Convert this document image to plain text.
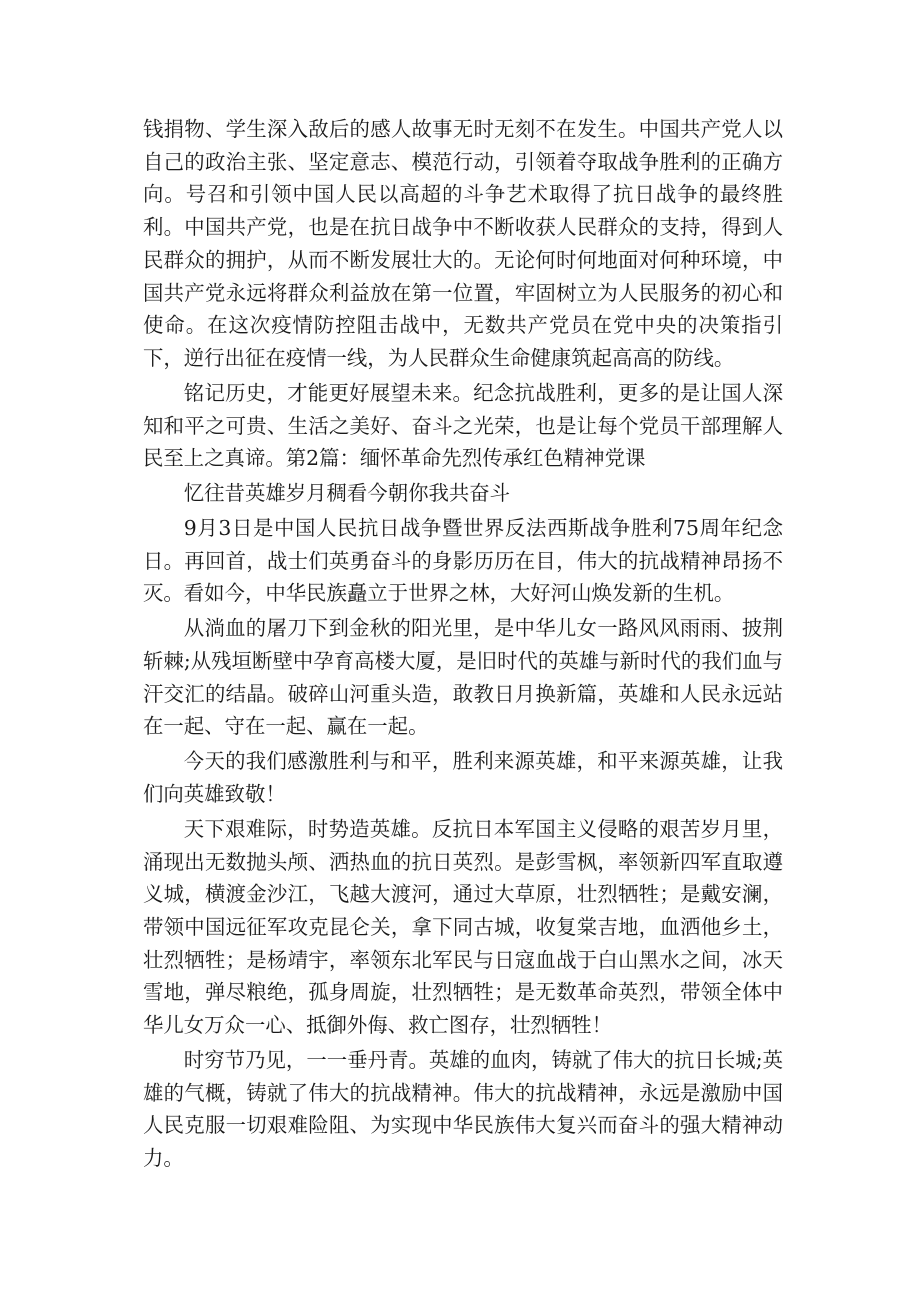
钱捐物、学生深入敌后的感人故事无时无刻不在发生。中国共产党人以自己的政治主张、坚定意志、模范行动，引领着夺取战争胜利的正确方向。号召和引领中国人民以高超的斗争艺术取得了抗日战争的最终胜利。中国共产党，也是在抗日战争中不断收获人民群众的支持，得到人民群众的拥护，从而不断发展壮大的。无论何时何地面对何种环境，中国共产党永远将群众利益放在第一位置，牢固树立为人民服务的初心和使命。在这次疫情防控阻击战中，无数共产党员在党中央的决策指引下，逆行出征在疫情一线，为人民群众生命健康筑起高高的防线。

铭记历史，才能更好展望未来。纪念抗战胜利，更多的是让国人深知和平之可贵、生活之美好、奋斗之光荣，也是让每个党员干部理解人民至上之真谛。第2篇：缅怀革命先烈传承红色精神党课

忆往昔英雄岁月稠看今朝你我共奋斗

9月3日是中国人民抗日战争暨世界反法西斯战争胜利75周年纪念日。再回首，战士们英勇奋斗的身影历历在目，伟大的抗战精神昂扬不灭。看如今，中华民族矗立于世界之林，大好河山焕发新的生机。

从淌血的屠刀下到金秋的阳光里，是中华儿女一路风风雨雨、披荆斩棘;从残垣断壁中孕育高楼大厦，是旧时代的英雄与新时代的我们血与汗交汇的结晶。破碎山河重头造，敢教日月换新篇，英雄和人民永远站在一起、守在一起、赢在一起。

今天的我们感激胜利与和平，胜利来源英雄，和平来源英雄，让我们向英雄致敬！

天下艰难际，时势造英雄。反抗日本军国主义侵略的艰苦岁月里，涌现出无数抛头颅、洒热血的抗日英烈。是彭雪枫，率领新四军直取遵义城，横渡金沙江，飞越大渡河，通过大草原，壮烈牺牲；是戴安澜，带领中国远征军攻克昆仑关，拿下同古城，收复棠吉地，血洒他乡土，壮烈牺牲；是杨靖宇，率领东北军民与日寇血战于白山黑水之间，冰天雪地，弹尽粮绝，孤身周旋，壮烈牺牲；是无数革命英烈，带领全体中华儿女万众一心、抵御外侮、救亡图存，壮烈牺牲！

时穷节乃见，一一垂丹青。英雄的血肉，铸就了伟大的抗日长城;英雄的气概，铸就了伟大的抗战精神。伟大的抗战精神，永远是激励中国人民克服一切艰难险阻、为实现中华民族伟大复兴而奋斗的强大精神动力。
